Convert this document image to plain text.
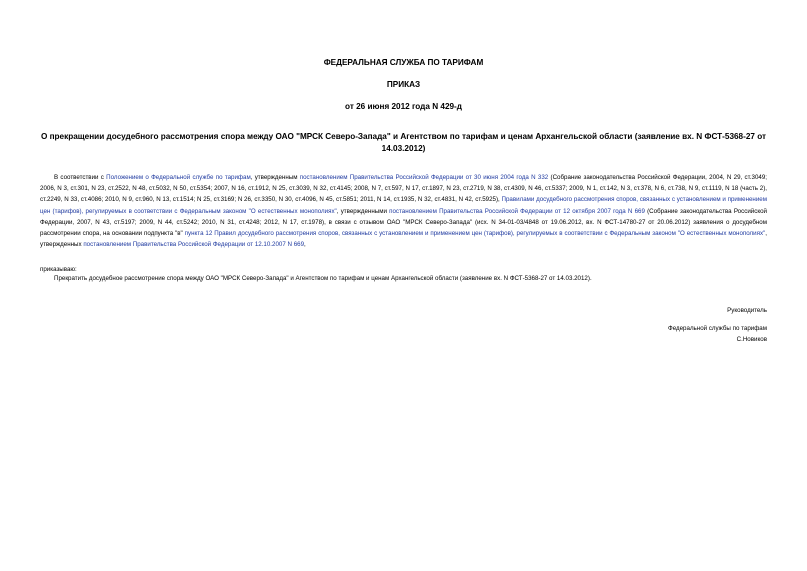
ФЕДЕРАЛЬНАЯ СЛУЖБА ПО ТАРИФАМ
ПРИКАЗ
от 26 июня 2012 года N 429-д
О прекращении досудебного рассмотрения спора между ОАО "МРСК Северо-Запада" и Агентством по тарифам и ценам Архангельской области (заявление вх. N ФСТ-5368-27 от 14.03.2012)
В соответствии с Положением о Федеральной службе по тарифам, утвержденным постановлением Правительства Российской Федерации от 30 июня 2004 года N 332 (Собрание законодательства Российской Федерации, 2004, N 29, ст.3049; 2006, N 3, ст.301, N 23, ст.2522, N 48, ст.5032, N 50, ст.5354; 2007, N 16, ст.1912, N 25, ст.3039, N 32, ст.4145; 2008, N 7, ст.597, N 17, ст.1897, N 23, ст.2719, N 38, ст.4309, N 46, ст.5337; 2009, N 1, ст.142, N 3, ст.378, N 6, ст.738, N 9, ст.1119, N 18 (часть 2), ст.2249, N 33, ст.4086; 2010, N 9, ст.960, N 13, ст.1514; N 25, ст.3169; N 26, ст.3350, N 30, ст.4096, N 45, ст.5851; 2011, N 14, ст.1935, N 32, ст.4831, N 42, ст.5925), Правилами досудебного рассмотрения споров, связанных с установлением и применением цен (тарифов), регулируемых в соответствии с Федеральным законом "О естественных монополиях", утвержденными постановлением Правительства Российской Федерации от 12 октября 2007 года N 669 (Собрание законодательства Российской Федерации, 2007, N 43, ст.5197; 2009, N 44, ст.5242; 2010, N 31, ст.4248; 2012, N 17, ст.1978), в связи с отзывом ОАО "МРСК Северо-Запада" (исх. N 34-01-03/4848 от 19.06.2012, вх. N ФСТ-14780-27 от 20.06.2012) заявления о досудебном рассмотрении спора, на основании подпункта "в" пункта 12 Правил досудебного рассмотрения споров, связанных с установлением и применением цен (тарифов), регулируемых в соответствии с Федеральным законом "О естественных монополиях", утвержденных постановлением Правительства Российской Федерации от 12.10.2007 N 669,
приказываю:
Прекратить досудебное рассмотрение спора между ОАО "МРСК Северо-Запада" и Агентством по тарифам и ценам Архангельской области (заявление вх. N ФСТ-5368-27 от 14.03.2012).
Руководитель
Федеральной службы по тарифам
С.Новиков
